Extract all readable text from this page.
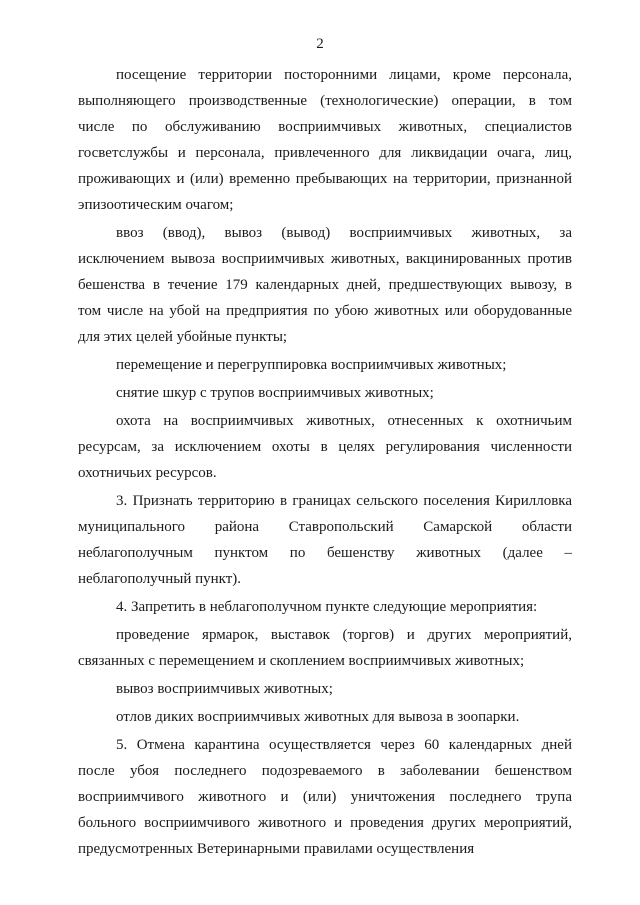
2
посещение территории посторонними лицами, кроме персонала,
выполняющего производственные (технологические) операции, в том
числе по обслуживанию восприимчивых животных, специалистов
госветслужбы и персонала, привлеченного для ликвидации очага, лиц,
проживающих и (или) временно пребывающих на территории, признанной
эпизоотическим очагом;
ввоз (ввод), вывоз (вывод) восприимчивых животных, за
исключением вывоза восприимчивых животных, вакцинированных против
бешенства в течение 179 календарных дней, предшествующих вывозу, в
том числе на убой на предприятия по убою животных или оборудованные
для этих целей убойные пункты;
перемещение и перегруппировка восприимчивых животных;
снятие шкур с трупов восприимчивых животных;
охота на восприимчивых животных, отнесенных к охотничьим
ресурсам, за исключением охоты в целях регулирования численности
охотничьих ресурсов.
3. Признать территорию в границах сельского поселения Кирилловка
муниципального района Ставропольский Самарской области
неблагополучным пунктом по бешенству животных (далее –
неблагополучный пункт).
4. Запретить в неблагополучном пункте следующие мероприятия:
проведение ярмарок, выставок (торгов) и других мероприятий,
связанных с перемещением и скоплением восприимчивых животных;
вывоз восприимчивых животных;
отлов диких восприимчивых животных для вывоза в зоопарки.
5. Отмена карантина осуществляется через 60 календарных дней
после убоя последнего подозреваемого в заболевании бешенством
восприимчивого животного и (или) уничтожения последнего трупа
больного восприимчивого животного и проведения других мероприятий,
предусмотренных Ветеринарными правилами осуществления
